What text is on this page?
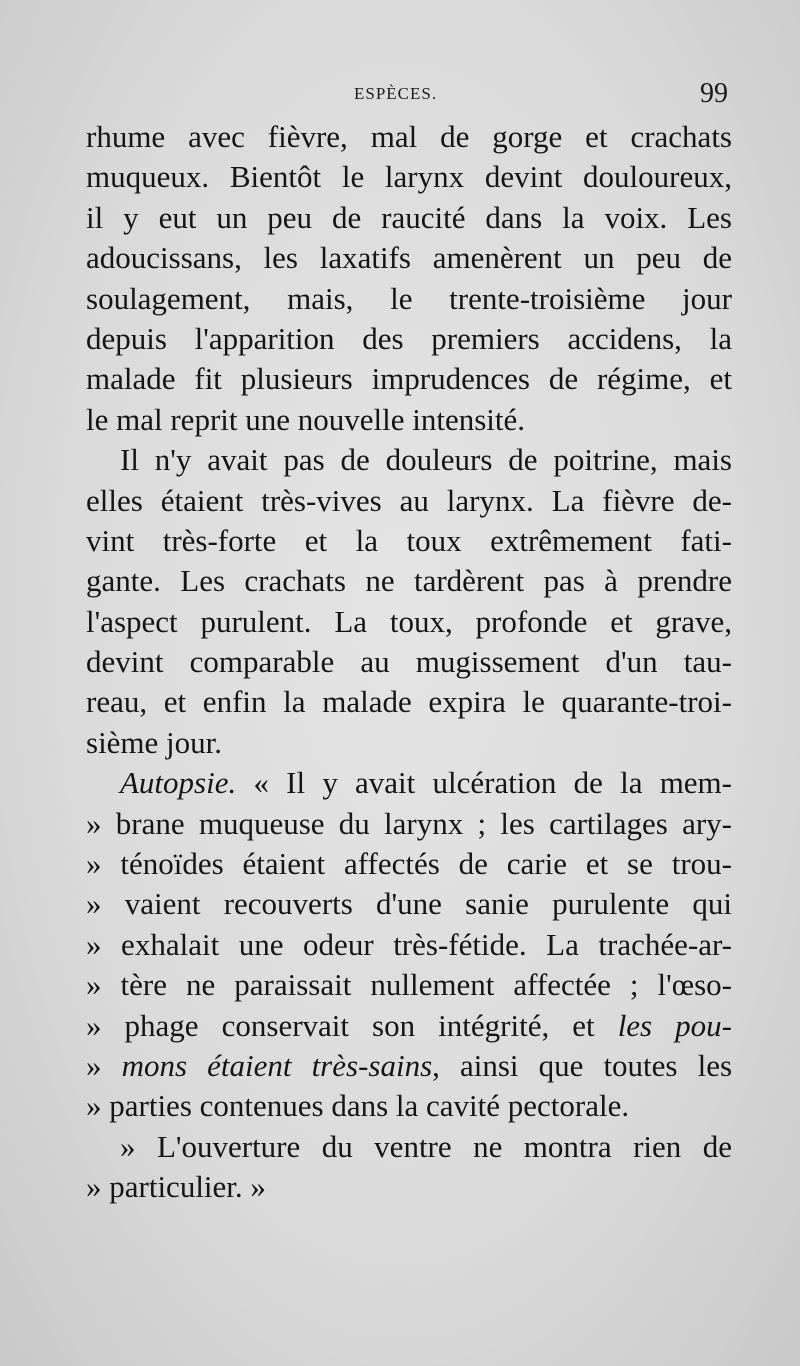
ESPÈCES.	99
rhume avec fièvre, mal de gorge et crachats
muqueux. Bientôt le larynx devint douloureux,
il y eut un peu de raucité dans la voix. Les
adoucissans, les laxatifs amenèrent un peu de
soulagement, mais, le trente-troisième jour
depuis l'apparition des premiers accidens, la
malade fit plusieurs imprudences de régime, et
le mal reprit une nouvelle intensité.
Il n'y avait pas de douleurs de poitrine, mais
elles étaient très-vives au larynx. La fièvre de-
vint très-forte et la toux extrêmement fati-
gante. Les crachats ne tardèrent pas à prendre
l'aspect purulent. La toux, profonde et grave,
devint comparable au mugissement d'un tau-
reau, et enfin la malade expira le quarante-troi-
sième jour.
Autopsie. « Il y avait ulcération de la mem-
» brane muqueuse du larynx ; les cartilages ary-
» ténoïdes étaient affectés de carie et se trou-
» vaient recouverts d'une sanie purulente qui
» exhalait une odeur très-fétide. La trachée-ar-
» tère ne paraissait nullement affectée ; l'œso-
» phage conservait son intégrité, et les pou-
» mons étaient très-sains, ainsi que toutes les
» parties contenues dans la cavité pectorale.
» L'ouverture du ventre ne montra rien de
» particulier. »
